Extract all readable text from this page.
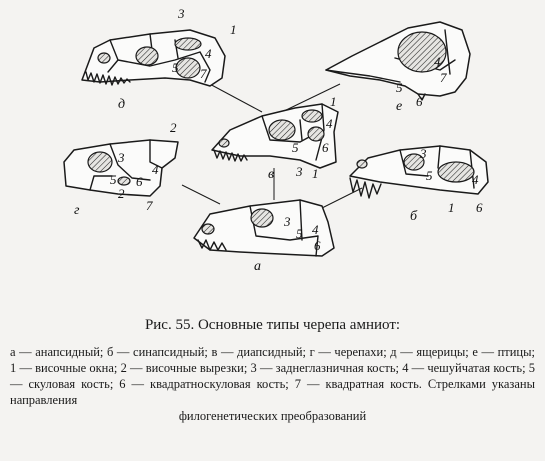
3
1
4
5 7
д
4
5
6
7
е
1
4
5 6
3 1
в
2
3
5
4
6
2
7
г
3
5	4
1 6
б
3
5 4
6
а
Рис. 55. Основные типы черепа амниот:
а — анапсидный; б — синапсидный; в — диапсидный; г — черепахи; д — ящерицы; е — птицы; 1 — височные окна; 2 — височные вырезки; 3 — заднеглазничная кость; 4 — чешуйчатая кость; 5 — скуловая кость; 6 — квадратноскуловая кость; 7 — квадратная кость. Стрелками указаны направления
филогенетических преобразований
